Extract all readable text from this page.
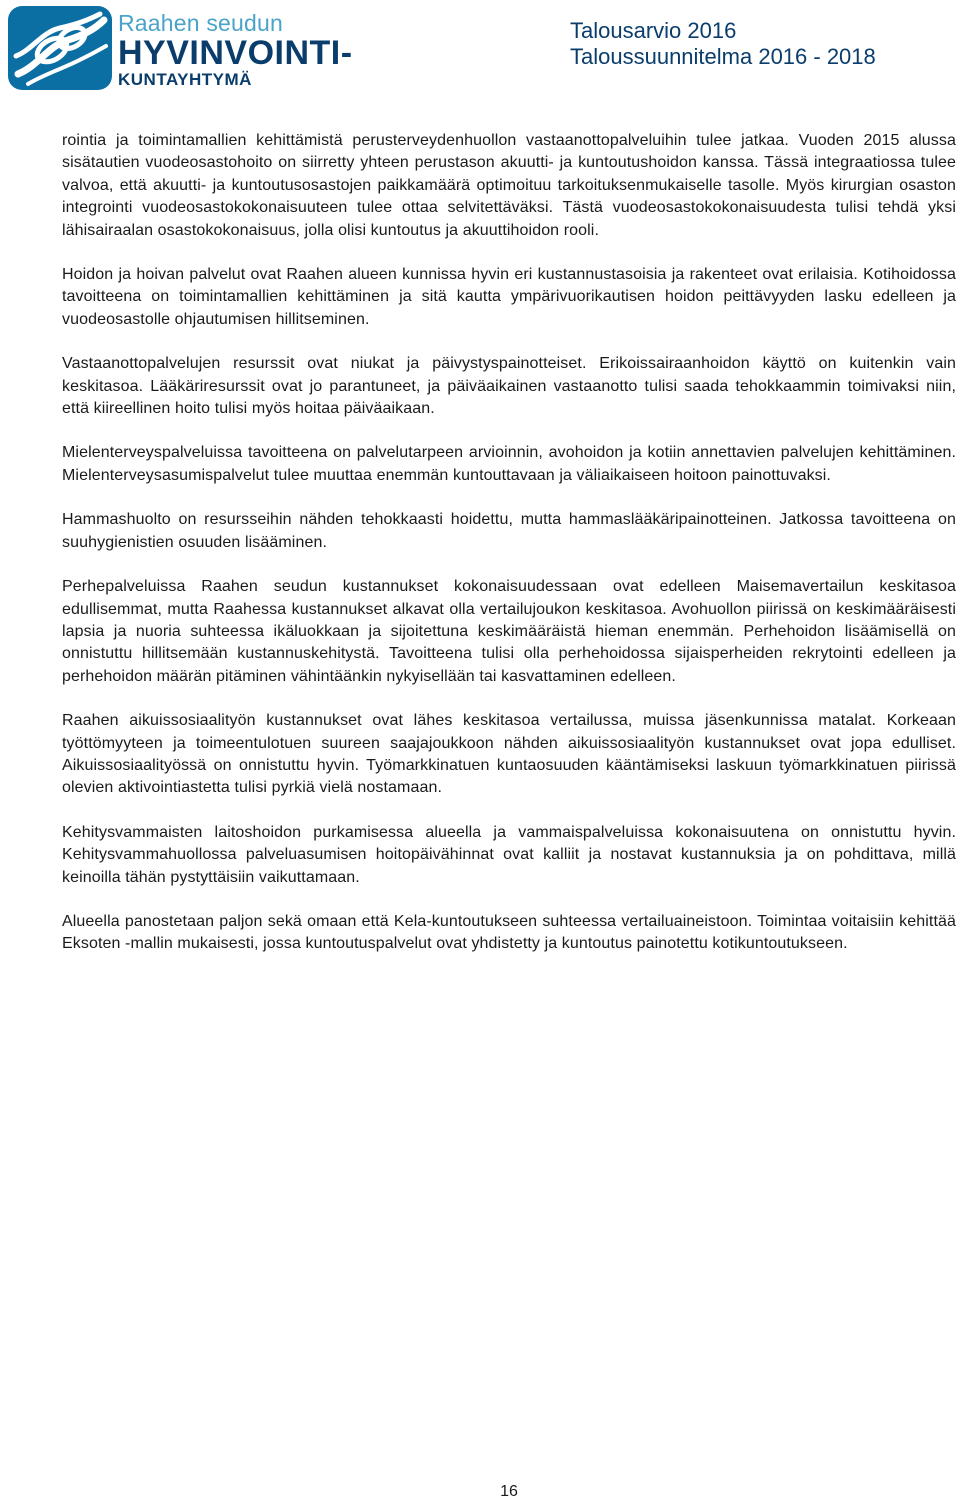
Raahen seudun
HYVINVOINTI-
KUNTAYHTYMÄ
Talousarvio 2016
Taloussuunnitelma 2016 - 2018

rointia ja toimintamallien kehittämistä perusterveydenhuollon vastaanottopalveluihin tulee jatkaa. Vuoden 2015 alussa sisätautien vuodeosastohoito on siirretty yhteen perustason akuutti- ja kuntoutushoidon kanssa. Tässä integraatiossa tulee valvoa, että akuutti- ja kuntoutusosastojen paikkamäärä optimoituu tarkoituksenmukaiselle tasolle. Myös kirurgian osaston integrointi vuodeosastokokonaisuuteen tulee ottaa selvitettäväksi. Tästä vuodeosastokokonaisuudesta tulisi tehdä yksi lähisairaalan osastokokonaisuus, jolla olisi kuntoutus ja akuuttihoidon rooli.

Hoidon ja hoivan palvelut ovat Raahen alueen kunnissa hyvin eri kustannustasoisia ja rakenteet ovat erilaisia. Kotihoidossa tavoitteena on toimintamallien kehittäminen ja sitä kautta ympärivuorikautisen hoidon peittävyyden lasku edelleen ja vuodeosastolle ohjautumisen hillitseminen.

Vastaanottopalvelujen resurssit ovat niukat ja päivystyspainotteiset. Erikoissairaanhoidon käyttö on kuitenkin vain keskitasoa. Lääkäriresurssit ovat jo parantuneet, ja päiväaikainen vastaanotto tulisi saada tehokkaammin toimivaksi niin, että kiireellinen hoito tulisi myös hoitaa päiväaikaan.

Mielenterveyspalveluissa tavoitteena on palvelutarpeen arvioinnin, avohoidon ja kotiin annettavien palvelujen kehittäminen. Mielenterveysasumispalvelut tulee muuttaa enemmän kuntouttavaan ja väliaikaiseen hoitoon painottuvaksi.

Hammashuolto on resursseihin nähden tehokkaasti hoidettu, mutta hammaslääkäripainotteinen. Jatkossa tavoitteena on suuhygienistien osuuden lisääminen.

Perhepalveluissa Raahen seudun kustannukset kokonaisuudessaan ovat edelleen Maisemavertailun keskitasoa edullisemmat, mutta Raahessa kustannukset alkavat olla vertailujoukon keskitasoa. Avohuollon piirissä on keskimääräisesti lapsia ja nuoria suhteessa ikäluokkaan ja sijoitettuna keskimääräistä hieman enemmän. Perhehoidon lisäämisellä on onnistuttu hillitsemään kustannuskehitystä. Tavoitteena tulisi olla perhehoidossa sijaisperheiden rekrytointi edelleen ja perhehoidon määrän pitäminen vähintäänkin nykyisellään tai kasvattaminen edelleen.

Raahen aikuissosiaalityön kustannukset ovat lähes keskitasoa vertailussa, muissa jäsenkunnissa matalat. Korkeaan työttömyyteen ja toimeentulotuen suureen saajajoukkoon nähden aikuissosiaalityön kustannukset ovat jopa edulliset. Aikuissosiaalityössä on onnistuttu hyvin. Työmarkkinatuen kuntaosuuden kääntämiseksi laskuun työmarkkinatuen piirissä olevien aktivointiastetta tulisi pyrkiä vielä nostamaan.

Kehitysvammaisten laitoshoidon purkamisessa alueella ja vammaispalveluissa kokonaisuutena on onnistuttu hyvin. Kehitysvammahuollossa palveluasumisen hoitopäivähinnat ovat kalliit ja nostavat kustannuksia ja on pohdittava, millä keinoilla tähän pystyttäisiin vaikuttamaan.

Alueella panostetaan paljon sekä omaan että Kela-kuntoutukseen suhteessa vertailuaineistoon. Toimintaa voitaisiin kehittää Eksoten -mallin mukaisesti, jossa kuntoutuspalvelut ovat yhdistetty ja kuntoutus painotettu kotikuntoutukseen.

16
